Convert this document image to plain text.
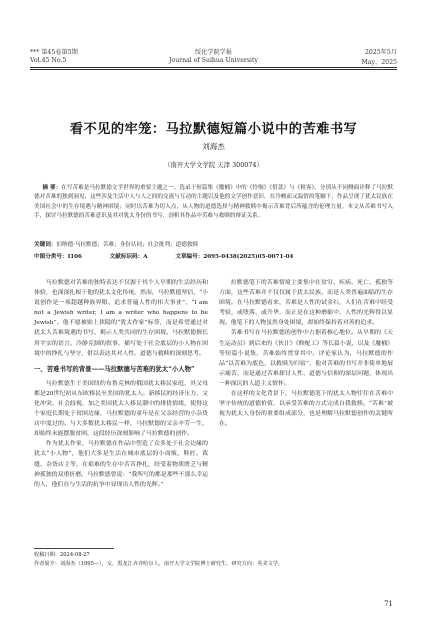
*** 第45卷第5期	绥化学院学报	2025年5月
Vol.45 No.5	Journal of Suihua University	May，2025
看不见的牢笼：马拉默德短篇小说中的苦难书写
刘海杰
（南开大学文学院 天津 300074）
摘 要：在写苦难是马拉默德文学世界的重要主题之一。选录于短篇集《魔桶》中的《怜悯》《借款》与《租客》，分别从不同侧面诠释了马拉默德对苦难的独到洞见，这些涉及生活中人与人之间的交流与互动的主题以及他的文学创作意识。在冷峻而又温情的笔触下，作品呈现了犹太民族在美国社会中的生存境遇与精神困境；同时以苦难为切入点，从人物的道德选择与精神救赎中揭示苦难背后所蕴含的伦理力量。本文从苦难书写入手，探讨马拉默德的苦难意识及其对犹太身份的书写，剖析其作品中苦难与救赎的辩证关系。
关键词：伯纳德·马拉默德；苦难；身份认同；社会批判；道德救赎
中图分类号：I106	文献标识码：A	文章编号：2095-0438(2025)05-0071-04

马拉默德对苦难的独特表达不仅源于其个人早期的生活经历和体验，也深深扎根于他的犹太文化传统。然而，马拉默德坚信，“小说创作是一项超越种族界限、追求普遍人性的伟大事业”，“I am not a Jewish writer, I am a writer who happens to be Jewish”。他不愿被贴上狭隘的“犹太作家”标签，而是希望通过对犹太人苦难境遇的书写，揭示人类共同的生存困境。马拉默德擅长用平实的语言、冷静克制的叙事，描写处于社会底层的小人物在困境中的挣扎与坚守，借以表达其对人性、道德与救赎的深刻思考。

一、苦难书写的背景——马拉默德与苦难的犹太“小人物”

马拉默德生于美国纽约布鲁克林的俄国犹太移民家庭，其父母都是20世纪初从东欧移民至美国的犹太人。新移民的经济压力、文化冲突、社会歧视，加之美国犹太人移民潮中的排犹情绪，使得这个家庭长期处于贫困边缘，马拉默德的童年是在父亲经营的小杂货店中度过的。与大多数犹太移民一样，马拉默德的父亲辛劳一生，却始终未能摆脱贫困，这段经历深刻影响了马拉默德的创作。

作为犹太作家，马拉默德在作品中塑造了众多处于社会边缘的犹太“小人物”，他们大多是生活在城市底层的小商贩、鞋匠、裁缝、杂货店主等，在艰难的生存中苦苦挣扎，经受着物质匮乏与精神孤独的双重折磨。马拉默德曾说：“我所写的都是那些不那么幸运的人，他们在与生活的抗争中显现出人性的光辉。”

拉默德笔下的苦难情境主要集中在贫穷、疾病、死亡、孤独等方面，这些苦难并不仅仅属于犹太民族，而是人类普遍面临的生存困境。在马拉默德看来，苦难是人性的试金石，人们在苦难中经受考验，或堕落、或升华，而正是在这种磨砺中，人性的光辉得以显现。他笔下的人物虽然身处困境，却始终保持着对善的追求。

苦难书写在马拉默德的创作中占据着核心地位。从早期的《天生运动员》到后来的《伙计》《修配工》等长篇小说，以及《魔桶》等短篇小说集，苦难始终贯穿其中。评论家认为，马拉默德的作品“以苦难为底色，以救赎为归宿”，他对苦难的书写并非简单地展示痛苦，而是通过苦难探讨人性、道德与信仰的深层问题，体现出一种深沉的人道主义情怀。

在这样的文化背景下，马拉默德笔下的犹太人物往往在苦难中坚守传统的道德价值，以承受苦难的方式完成自我救赎。“苦难”被视为犹太人身份的重要组成部分，也是理解马拉默德创作的关键所在。

收稿日期：2024-08-27
作者简介：刘海杰（1995—），女，黑龙江齐齐哈尔人，南开大学文学院博士研究生，研究方向：英美文学。
71
